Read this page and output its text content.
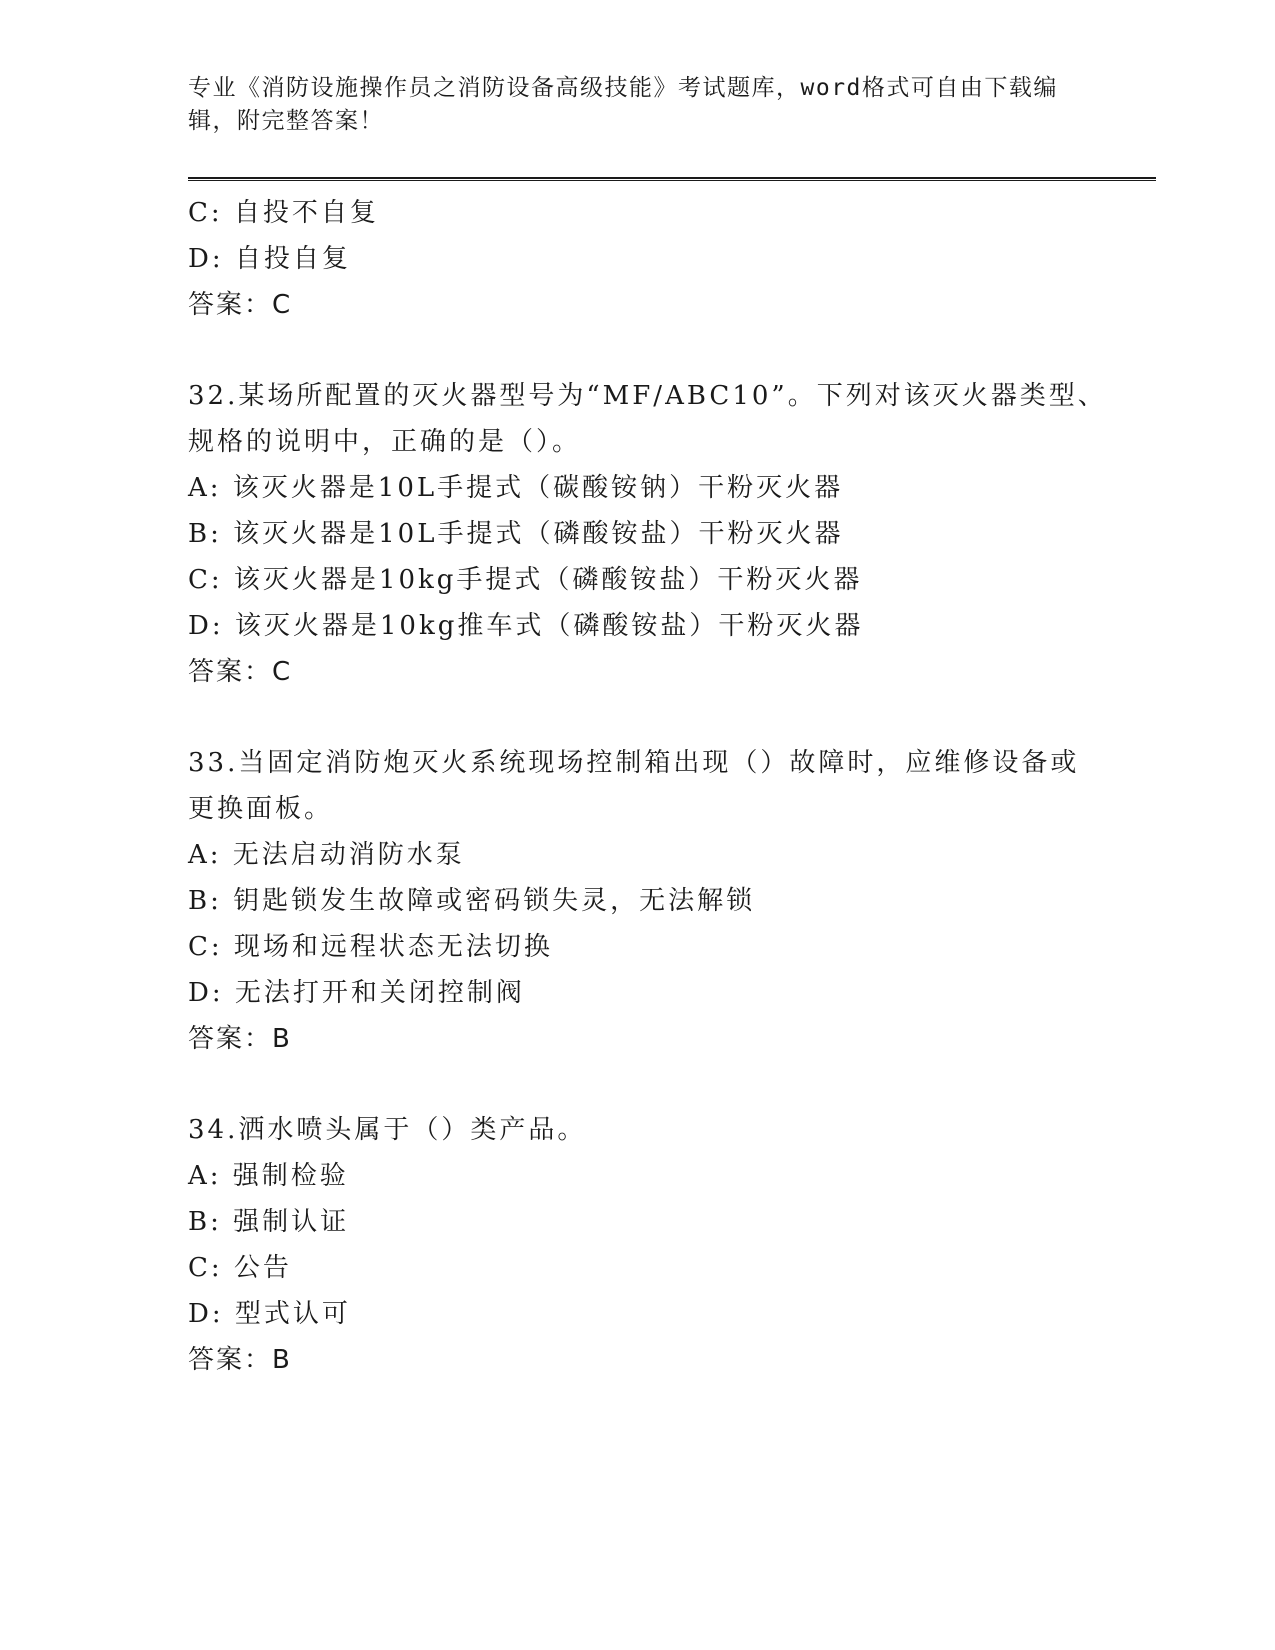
专业《消防设施操作员之消防设备高级技能》考试题库，word格式可自由下载编辑，附完整答案！
C: 自投不自复
D: 自投自复
答案：C
32.某场所配置的灭火器型号为“MF/ABC10”。下列对该灭火器类型、
规格的说明中，正确的是（）。
A: 该灭火器是10L手提式（碳酸铵钠）干粉灭火器
B: 该灭火器是10L手提式（磷酸铵盐）干粉灭火器
C: 该灭火器是10kg手提式（磷酸铵盐）干粉灭火器
D: 该灭火器是10kg推车式（磷酸铵盐）干粉灭火器
答案：C
33.当固定消防炮灭火系统现场控制箱出现（）故障时，应维修设备或
更换面板。
A: 无法启动消防水泵
B: 钥匙锁发生故障或密码锁失灵，无法解锁
C: 现场和远程状态无法切换
D: 无法打开和关闭控制阀
答案：B
34.洒水喷头属于（）类产品。
A: 强制检验
B: 强制认证
C: 公告
D: 型式认可
答案：B
